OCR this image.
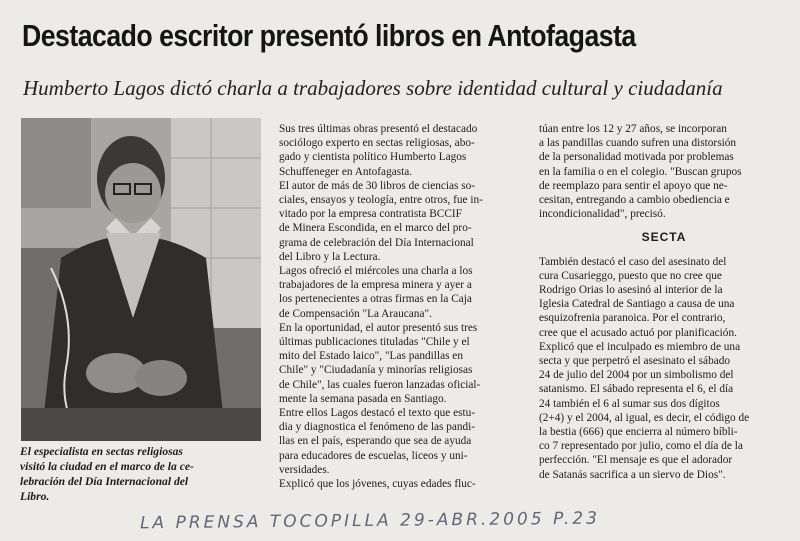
Destacado escritor presentó libros en Antofagasta
Humberto Lagos dictó charla a trabajadores sobre identidad cultural y ciudadanía
El especialista en sectas religiosas
visitó la ciudad en el marco de la ce-
lebración del Día Internacional del
Libro.
Sus tres últimas obras presentó el destacado
sociólogo experto en sectas religiosas, abo-
gado y cientista político Humberto Lagos
Schuffeneger en Antofagasta.
El autor de más de 30 libros de ciencias so-
ciales, ensayos y teología, entre otros, fue in-
vitado por la empresa contratista BCCIF
de Minera Escondida, en el marco del pro-
grama de celebración del Día Internacional
del Libro y la Lectura.
Lagos ofreció el miércoles una charla a los
trabajadores de la empresa minera y ayer a
los pertenecientes a otras firmas en la Caja
de Compensación "La Araucana".
En la oportunidad, el autor presentó sus tres
últimas publicaciones tituladas "Chile y el
mito del Estado laico", "Las pandillas en
Chile" y "Ciudadanía y minorías religiosas
de Chile", las cuales fueron lanzadas oficial-
mente la semana pasada en Santiago.
Entre ellos Lagos destacó el texto que estu-
dia y diagnostica el fenómeno de las pandi-
llas en el país, esperando que sea de ayuda
para educadores de escuelas, liceos y uni-
versidades.
Explicó que los jóvenes, cuyas edades fluc-
túan entre los 12 y 27 años, se incorporan
a las pandillas cuando sufren una distorsión
de la personalidad motivada por problemas
en la familia o en el colegio. "Buscan grupos
de reemplazo para sentir el apoyo que ne-
cesitan, entregando a cambio obediencia e
incondicionalidad", precisó.
SECTA
También destacó el caso del asesinato del
cura Cusarieggo, puesto que no cree que
Rodrigo Orias lo asesinó al interior de la
Iglesia Catedral de Santiago a causa de una
esquizofrenia paranoica. Por el contrario,
cree que el acusado actuó por planificación.
Explicó que el inculpado es miembro de una
secta y que perpetró el asesinato el sábado
24 de julio del 2004 por un simbolismo del
satanismo. El sábado representa el 6, el día
24 también el 6 al sumar sus dos dígitos
(2+4) y el 2004, al igual, es decir, el código de
la bestia (666) que encierra al número bíbli-
co 7 representado por julio, como el día de la
perfección. "El mensaje es que el adorador
de Satanás sacrifica a un siervo de Dios".
LA PRENSA TOCOPILLA 29-ABR.2005 P.23
